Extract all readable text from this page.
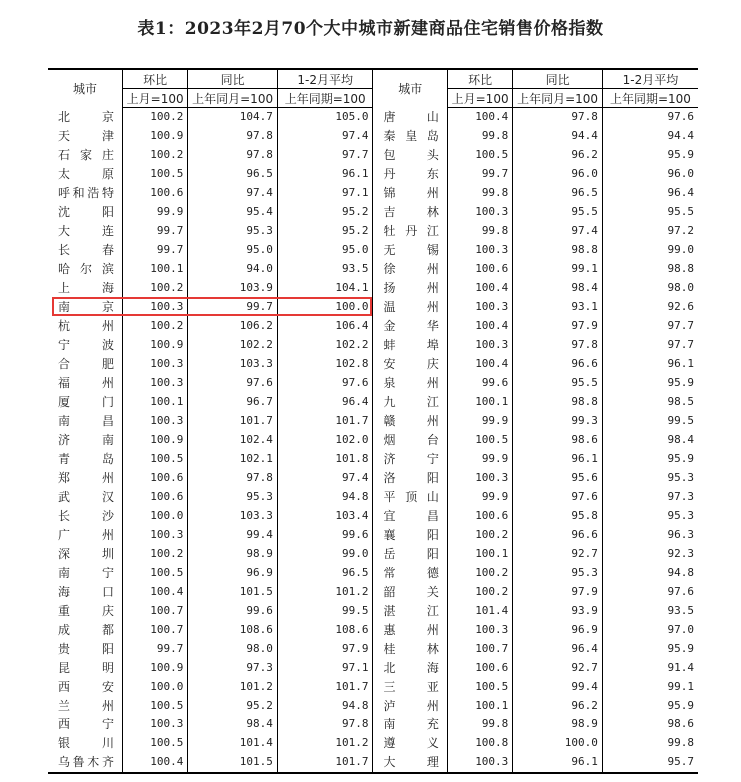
表1：2023年2月70个大中城市新建商品住宅销售价格指数
城市	环比	同比	1-2月平均	城市	环比	同比	1-2月平均
	上月=100	上年同月=100	上年同期=100		上月=100	上年同月=100	上年同期=100
北京	100.2	104.7	105.0	唐山	100.4	97.8	97.6
天津	100.9	97.8	97.4	秦皇岛	99.8	94.4	94.4
石家庄	100.2	97.8	97.7	包头	100.5	96.2	95.9
太原	100.5	96.5	96.1	丹东	99.7	96.0	96.0
呼和浩特	100.6	97.4	97.1	锦州	99.8	96.5	96.4
沈阳	99.9	95.4	95.2	吉林	100.3	95.5	95.5
大连	99.7	95.3	95.2	牡丹江	99.8	97.4	97.2
长春	99.7	95.0	95.0	无锡	100.3	98.8	99.0
哈尔滨	100.1	94.0	93.5	徐州	100.6	99.1	98.8
上海	100.2	103.9	104.1	扬州	100.4	98.4	98.0
南京	100.3	99.7	100.0	温州	100.3	93.1	92.6
杭州	100.2	106.2	106.4	金华	100.4	97.9	97.7
宁波	100.9	102.2	102.2	蚌埠	100.3	97.8	97.7
合肥	100.3	103.3	102.8	安庆	100.4	96.6	96.1
福州	100.3	97.6	97.6	泉州	99.6	95.5	95.9
厦门	100.1	96.7	96.4	九江	100.1	98.8	98.5
南昌	100.3	101.7	101.7	赣州	99.9	99.3	99.5
济南	100.9	102.4	102.0	烟台	100.5	98.6	98.4
青岛	100.5	102.1	101.8	济宁	99.9	96.1	95.9
郑州	100.6	97.8	97.4	洛阳	100.3	95.6	95.3
武汉	100.6	95.3	94.8	平顶山	99.9	97.6	97.3
长沙	100.0	103.3	103.4	宜昌	100.6	95.8	95.3
广州	100.3	99.4	99.6	襄阳	100.2	96.6	96.3
深圳	100.2	98.9	99.0	岳阳	100.1	92.7	92.3
南宁	100.5	96.9	96.5	常德	100.2	95.3	94.8
海口	100.4	101.5	101.2	韶关	100.2	97.9	97.6
重庆	100.7	99.6	99.5	湛江	101.4	93.9	93.5
成都	100.7	108.6	108.6	惠州	100.3	96.9	97.0
贵阳	99.7	98.0	97.9	桂林	100.7	96.4	95.9
昆明	100.9	97.3	97.1	北海	100.6	92.7	91.4
西安	100.0	101.2	101.7	三亚	100.5	99.4	99.1
兰州	100.5	95.2	94.8	泸州	100.1	96.2	95.9
西宁	100.3	98.4	97.8	南充	99.8	98.9	98.6
银川	100.5	101.4	101.2	遵义	100.8	100.0	99.8
乌鲁木齐	100.4	101.5	101.7	大理	100.3	96.1	95.7
